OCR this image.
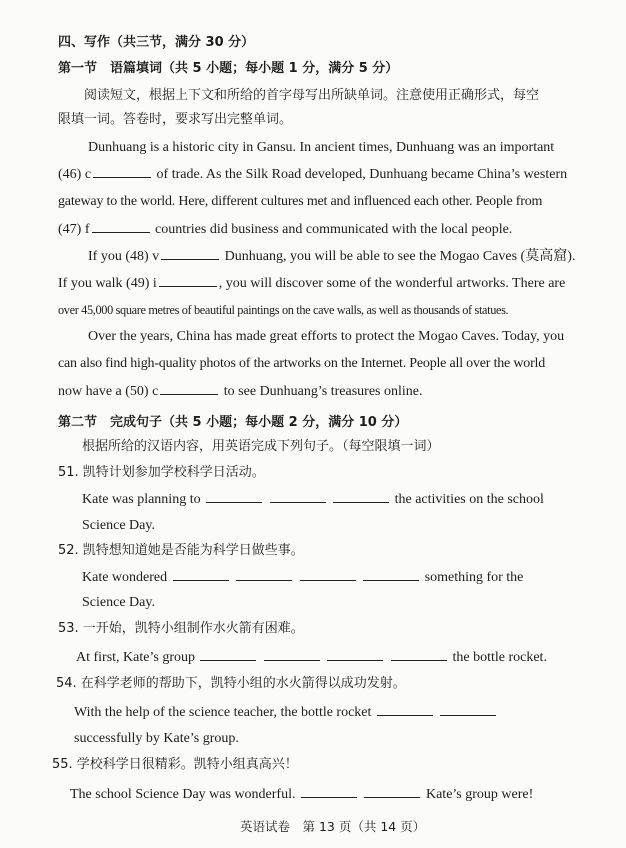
四、写作（共三节，满分 30 分）
第一节　语篇填词（共 5 小题；每小题 1 分，满分 5 分）
阅读短文，根据上下文和所给的首字母写出所缺单词。注意使用正确形式，每空
限填一词。答卷时，要求写出完整单词。
Dunhuang is a historic city in Gansu. In ancient times, Dunhuang was an important
(46) c	of trade. As the Silk Road developed, Dunhuang became China’s western
gateway to the world. Here, different cultures met and influenced each other. People from
(47) f	countries did business and communicated with the local people.
If you (48) v	Dunhuang, you will be able to see the Mogao Caves (莫高窟).
If you walk (49) i	, you will discover some of the wonderful artworks. There are
over 45,000 square metres of beautiful paintings on the cave walls, as well as thousands of statues.
Over the years, China has made great efforts to protect the Mogao Caves. Today, you
can also find high-quality photos of the artworks on the Internet. People all over the world
now have a (50) c	to see Dunhuang’s treasures online.
第二节　完成句子（共 5 小题；每小题 2 分，满分 10 分）
根据所给的汉语内容，用英语完成下列句子。（每空限填一词）
51. 凯特计划参加学校科学日活动。
Kate was planning to	the activities on the school
Science Day.
52. 凯特想知道她是否能为科学日做些事。
Kate wondered	something for the
Science Day.
53. 一开始，凯特小组制作水火箭有困难。
At first, Kate’s group	the bottle rocket.
54. 在科学老师的帮助下，凯特小组的水火箭得以成功发射。
With the help of the science teacher, the bottle rocket
successfully by Kate’s group.
55. 学校科学日很精彩。凯特小组真高兴！
The school Science Day was wonderful.	Kate’s group were!
英语试卷　第 13 页（共 14 页）
